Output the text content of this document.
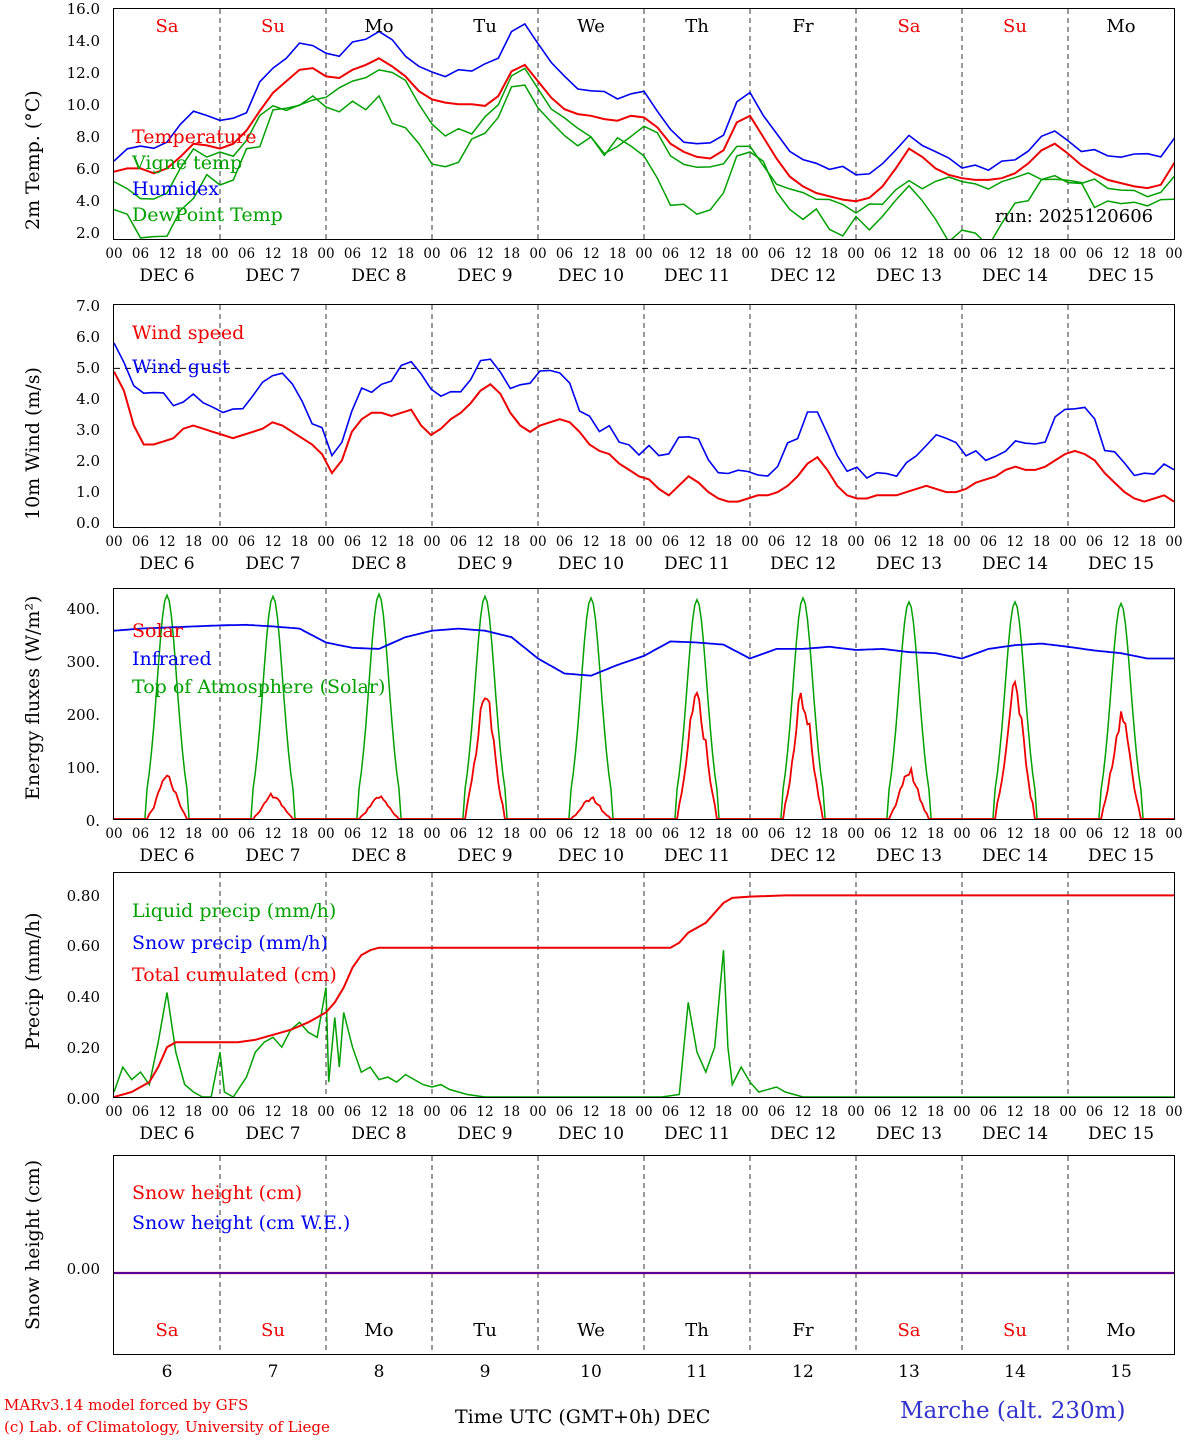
2m Temp. (°C)
16.0
14.0
12.0
10.0
8.0
6.0
4.0
2.0
Temperature
Vigne temp
Humidex
DewPoint Temp	run: 2025120606
Sa	Su	Mo	Tu	We	Th	Fr	Sa	Su	Mo
00 06 12 18
DEC 6
00 06 12 18
DEC 7
00 06 12 18
DEC 8
00 06 12 18
DEC 9
00 06 12 18
DEC 10
00 06 12 18
DEC 11
00 06 12 18
DEC 12
00 06 12 18
DEC 13
00 06 12 18
DEC 14
00 06 12 18
DEC 15
00
10m Wind (m/s)
7.0
6.0
5.0
4.0
3.0
2.0
1.0
0.0
Wind speed
Wind gust
00 06 12 18
DEC 6
00 06 12 18
DEC 7
00 06 12 18
DEC 8
00 06 12 18
DEC 9
00 06 12 18
DEC 10
00 06 12 18
DEC 11
00 06 12 18
DEC 12
00 06 12 18
DEC 13
00 06 12 18
DEC 14
00 06 12 18
DEC 15
00
Energy fluxes (W/m²)	400.
300.
200.
100.
0.
Solar
Infrared
Top of Atmosphere (Solar)
00 06 12 18
DEC 6
00 06 12 18
DEC 7
00 06 12 18
DEC 8
00 06 12 18
DEC 9
00 06 12 18
DEC 10
00 06 12 18
DEC 11
00 06 12 18
DEC 12
00 06 12 18
DEC 13
00 06 12 18
DEC 14
00 06 12 18
DEC 15
00
Precip (mm/h)
0.80
0.60
0.40
0.20
0.00
Liquid precip (mm/h)
Snow precip (mm/h)
Total cumulated (cm)
00 06 12 18
DEC 6
00 06 12 18
DEC 7
00 06 12 18
DEC 8
00 06 12 18
DEC 9
00 06 12 18
DEC 10
00 06 12 18
DEC 11
00 06 12 18
DEC 12
00 06 12 18
DEC 13
00 06 12 18
DEC 14
00 06 12 18
DEC 15
00
Snow height (cm)	0.00
Snow height (cm)
Snow height (cm W.E.)
Sa	Su	Mo	Tu	We	Th	Fr	Sa	Su	Mo
6	7	8	9	10	11	12	13	14	15
MARv3.14 model forced by GFS
(c) Lab. of Climatology, University of Liege	Time UTC (GMT+0h) DEC	Marche (alt. 230m)
